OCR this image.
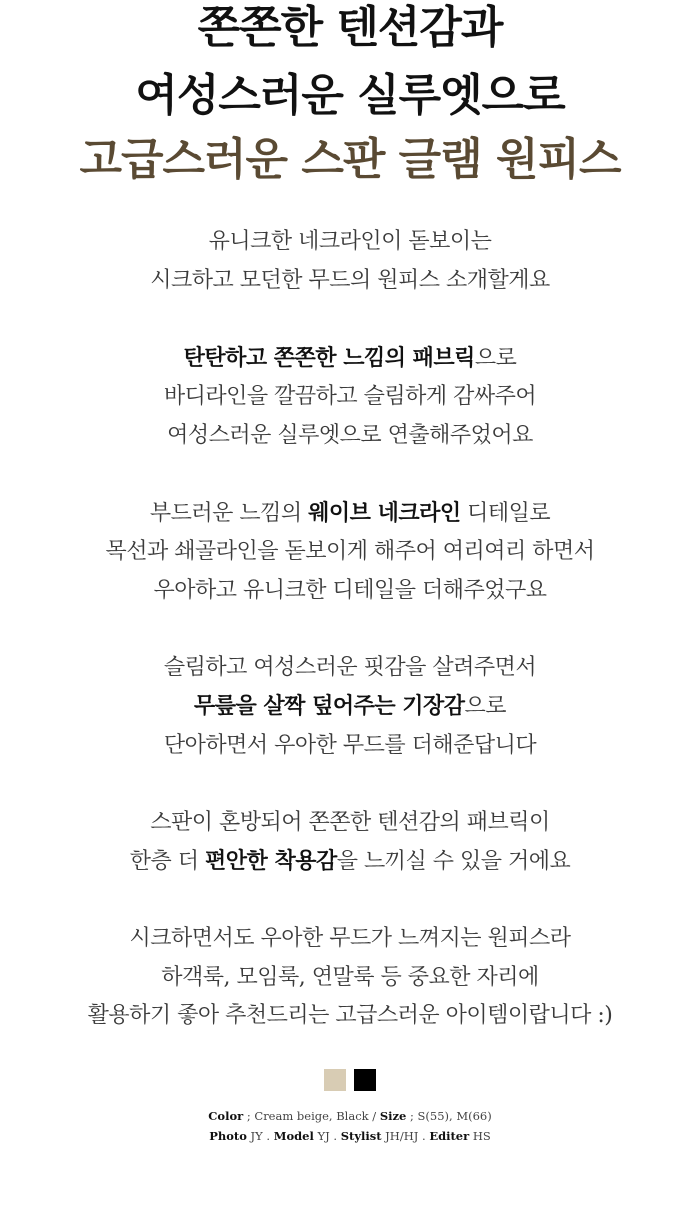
쫀쫀한 텐션감과
여성스러운 실루엣으로
고급스러운 스판 글램 원피스
유니크한 네크라인이 돋보이는
시크하고 모던한 무드의 원피스 소개할게요
탄탄하고 쫀쫀한 느낌의 패브릭으로
바디라인을 깔끔하고 슬림하게 감싸주어
여성스러운 실루엣으로 연출해주었어요
부드러운 느낌의 웨이브 네크라인 디테일로
목선과 쇄골라인을 돋보이게 해주어 여리여리 하면서
우아하고 유니크한 디테일을 더해주었구요
슬림하고 여성스러운 핏감을 살려주면서
무릎을 살짝 덮어주는 기장감으로
단아하면서 우아한 무드를 더해준답니다
스판이 혼방되어 쫀쫀한 텐션감의 패브릭이
한층 더 편안한 착용감을 느끼실 수 있을 거에요
시크하면서도 우아한 무드가 느껴지는 원피스라
하객룩, 모임룩, 연말룩 등 중요한 자리에
활용하기 좋아 추천드리는 고급스러운 아이템이랍니다 :)
Color ; Cream beige, Black / Size ; S(55), M(66)
Photo JY . Model YJ . Stylist JH/HJ . Editer HS
